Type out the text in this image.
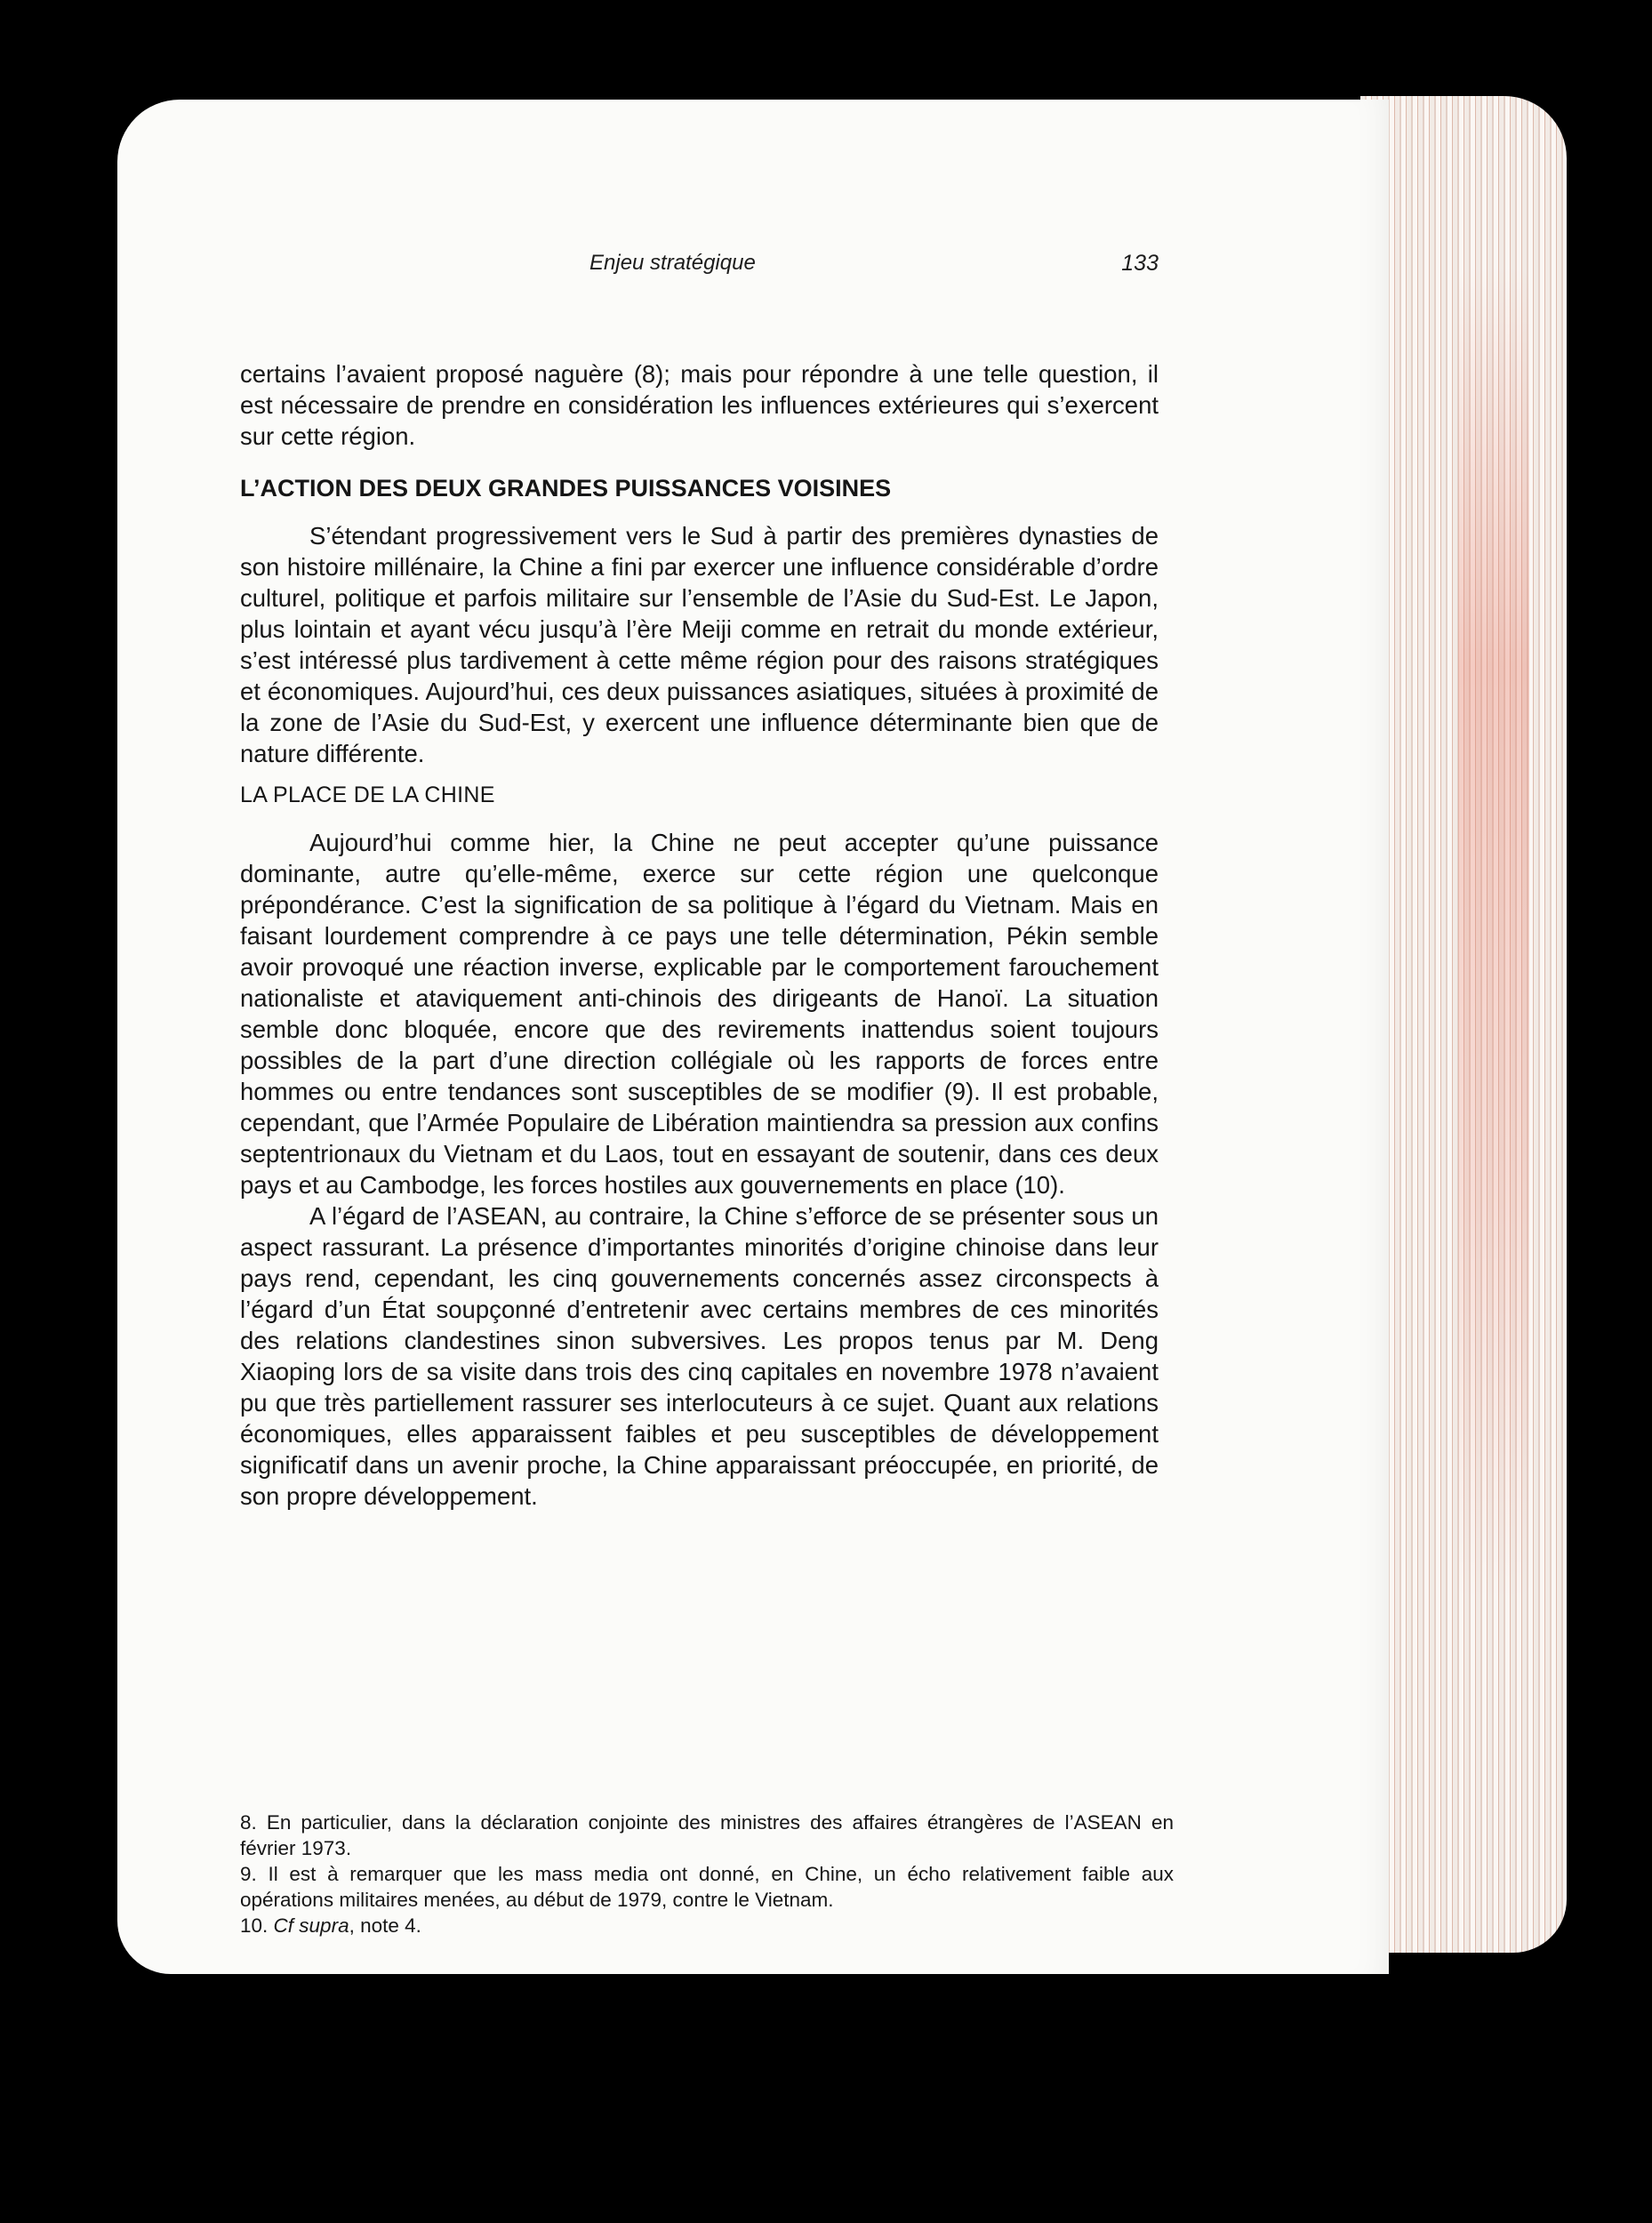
Enjeu stratégique	133

certains l’avaient proposé naguère (8); mais pour répondre à une telle question, il est nécessaire de prendre en considération les influences extérieures qui s’exercent sur cette région.

L’ACTION DES DEUX GRANDES PUISSANCES VOISINES

S’étendant progressivement vers le Sud à partir des premières dynasties de son histoire millénaire, la Chine a fini par exercer une influence considérable d’ordre culturel, politique et parfois militaire sur l’ensemble de l’Asie du Sud-Est. Le Japon, plus lointain et ayant vécu jusqu’à l’ère Meiji comme en retrait du monde extérieur, s’est intéressé plus tardivement à cette même région pour des raisons stratégiques et économiques. Aujourd’hui, ces deux puissances asiatiques, situées à proximité de la zone de l’Asie du Sud-Est, y exercent une influence déterminante bien que de nature différente.

LA PLACE DE LA CHINE

Aujourd’hui comme hier, la Chine ne peut accepter qu’une puissance dominante, autre qu’elle-même, exerce sur cette région une quelconque prépondérance. C’est la signification de sa politique à l’égard du Vietnam. Mais en faisant lourdement comprendre à ce pays une telle détermination, Pékin semble avoir provoqué une réaction inverse, explicable par le comportement farouchement nationaliste et ataviquement anti-chinois des dirigeants de Hanoï. La situation semble donc bloquée, encore que des revirements inattendus soient toujours possibles de la part d’une direction collégiale où les rapports de forces entre hommes ou entre tendances sont susceptibles de se modifier (9). Il est probable, cependant, que l’Armée Populaire de Libération maintiendra sa pression aux confins septentrionaux du Vietnam et du Laos, tout en essayant de soutenir, dans ces deux pays et au Cambodge, les forces hostiles aux gouvernements en place (10).

A l’égard de l’ASEAN, au contraire, la Chine s’efforce de se présenter sous un aspect rassurant. La présence d’importantes minorités d’origine chinoise dans leur pays rend, cependant, les cinq gouvernements concernés assez circonspects à l’égard d’un État soupçonné d’entretenir avec certains membres de ces minorités des relations clandestines sinon subversives. Les propos tenus par M. Deng Xiaoping lors de sa visite dans trois des cinq capitales en novembre 1978 n’avaient pu que très partiellement rassurer ses interlocuteurs à ce sujet. Quant aux relations économiques, elles apparaissent faibles et peu susceptibles de développement significatif dans un avenir proche, la Chine apparaissant préoccupée, en priorité, de son propre développement.

8. En particulier, dans la déclaration conjointe des ministres des affaires étrangères de l’ASEAN en février 1973.

9. Il est à remarquer que les mass media ont donné, en Chine, un écho relativement faible aux opérations militaires menées, au début de 1979, contre le Vietnam.

10. Cf supra, note 4.
